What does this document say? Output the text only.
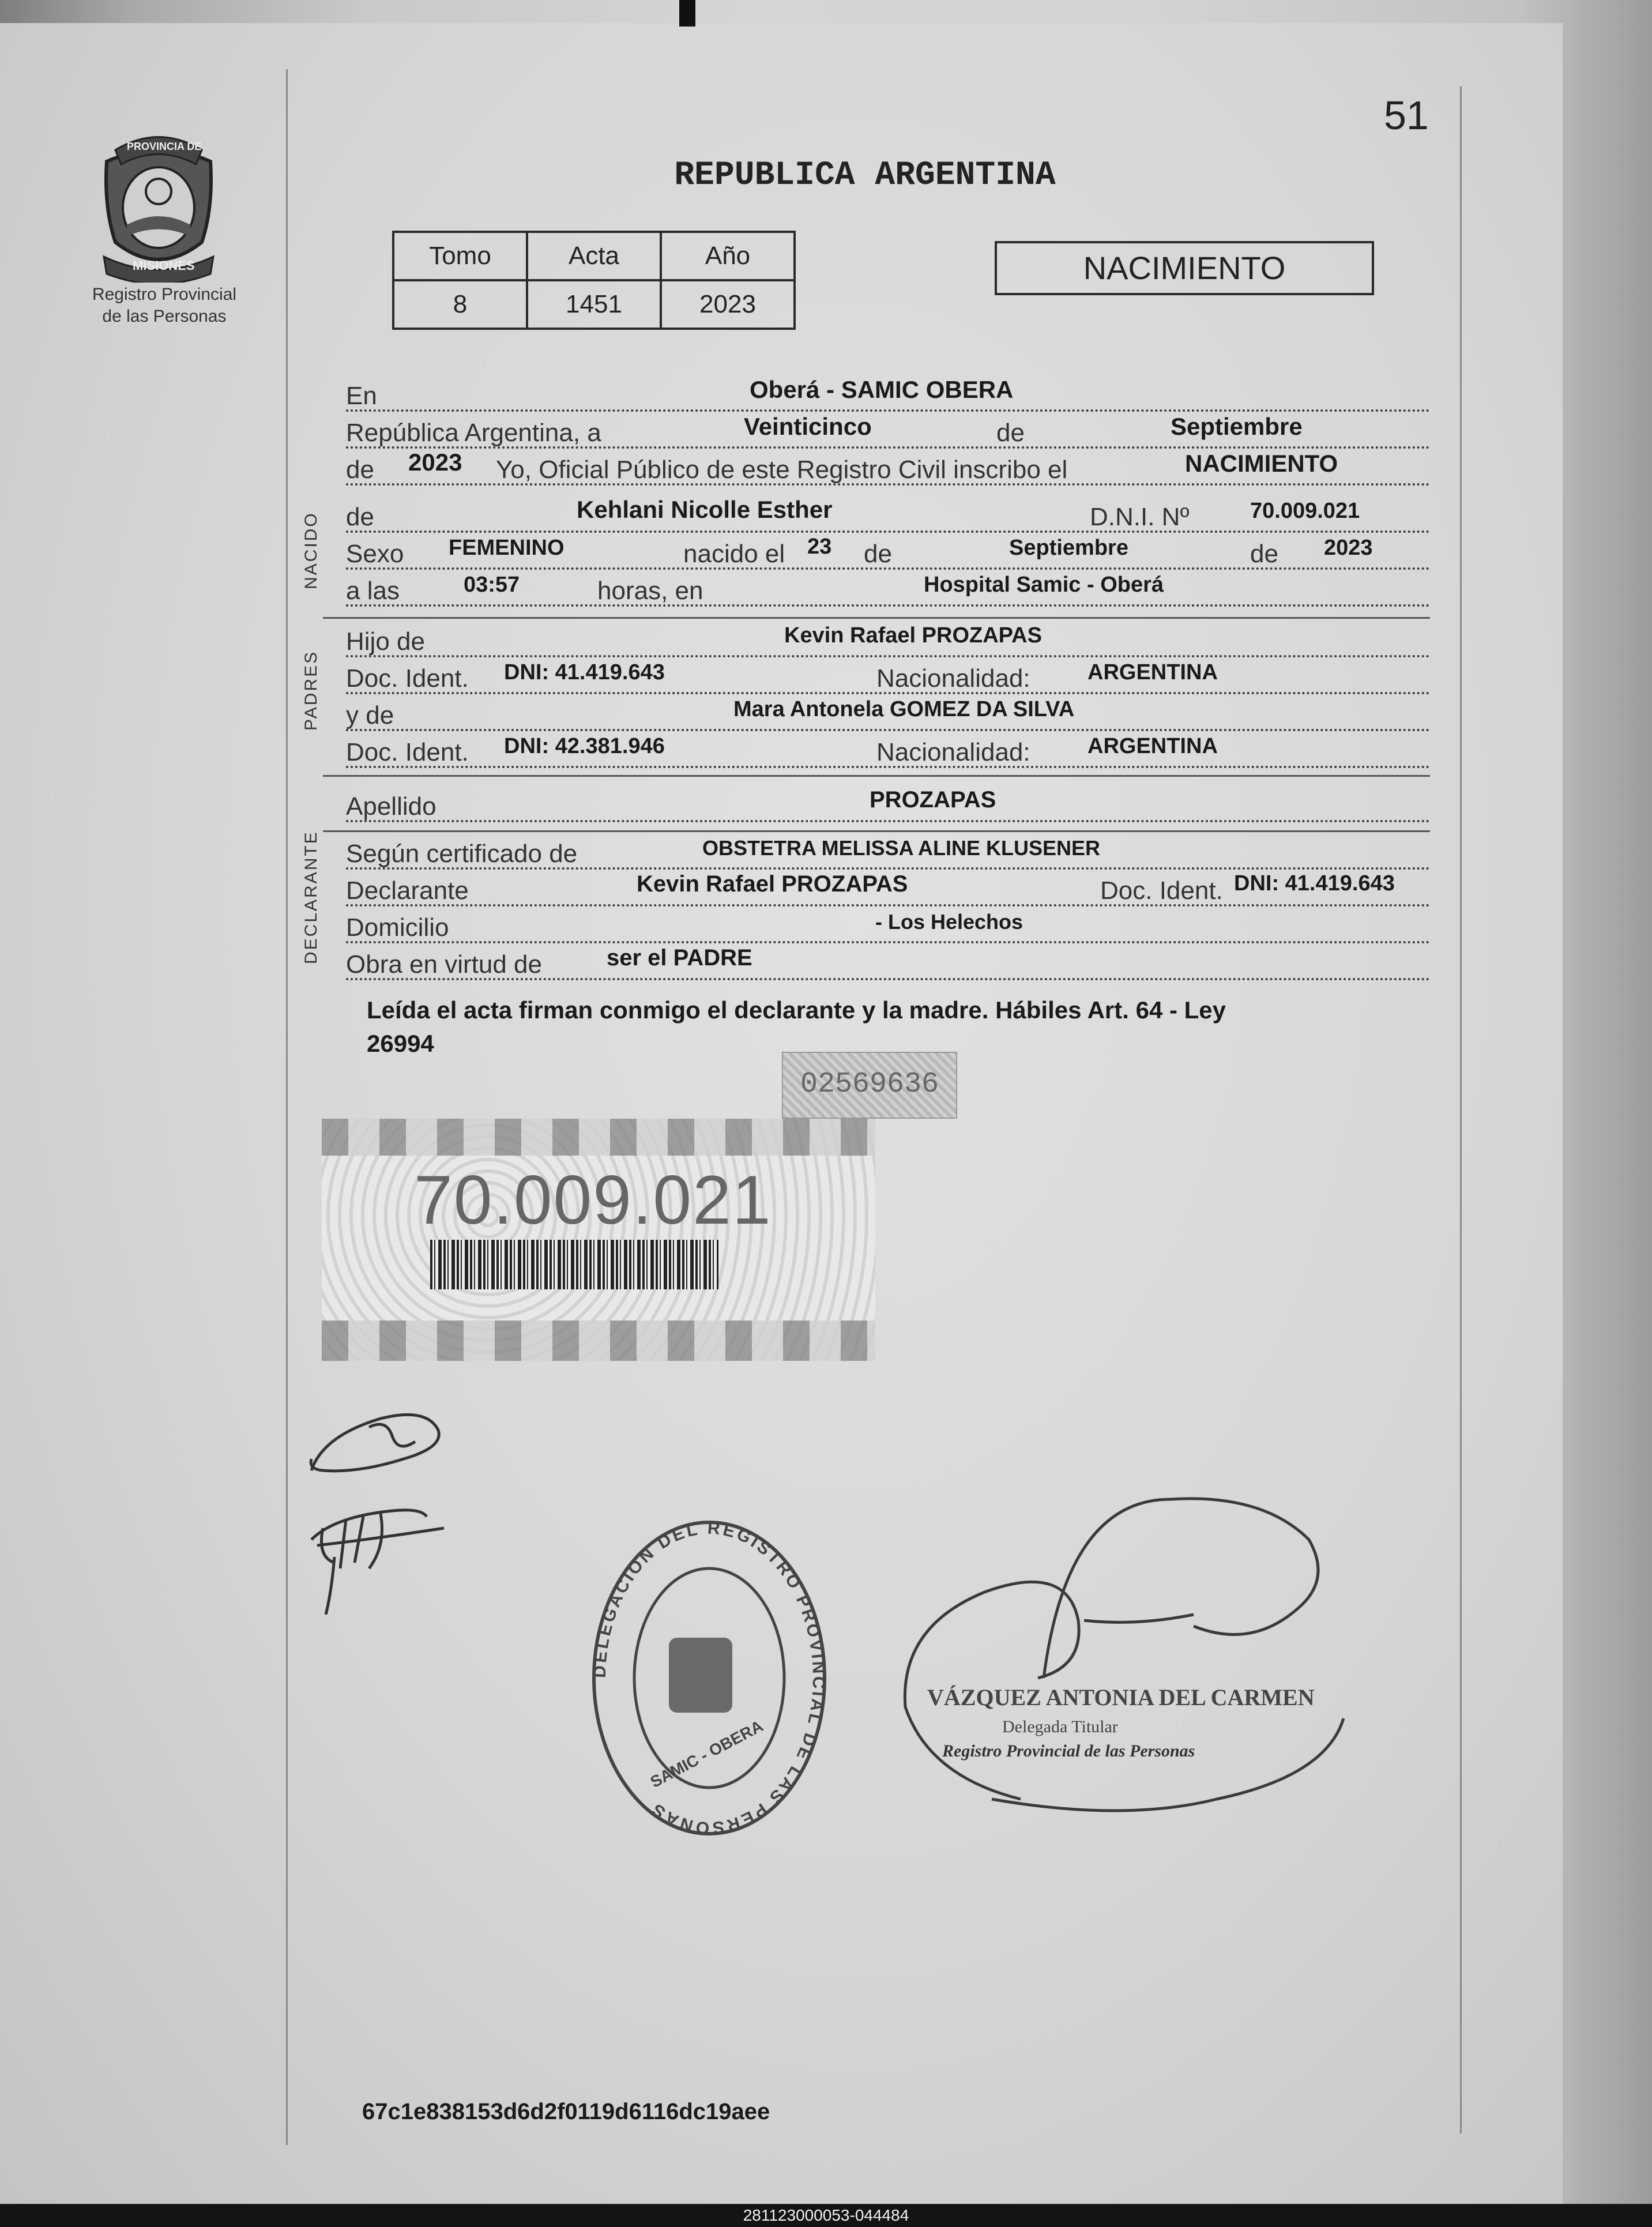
51
PROVINCIA DE
MISIONES
Registro Provincial
de las Personas
REPUBLICA ARGENTINA
Tomo	Acta	Año
8	1451	2023
NACIMIENTO
En	Oberá - SAMIC OBERA
República Argentina, a	Veinticinco	de	Septiembre
de 2023 Yo, Oficial Público de este Registro Civil inscribo el	NACIMIENTO
NACIDO de	Kehlani Nicolle Esther	D.N.I. Nº	70.009.021
Sexo FEMENINO	nacido el 23 de	Septiembre	de 2023
a las	03:57	horas, en	Hospital Samic - Oberá
PADRES
Hijo de	Kevin Rafael PROZAPAS
Doc. Ident. DNI: 41.419.643	Nacionalidad:	ARGENTINA
y de	Mara Antonela GOMEZ DA SILVA
Doc. Ident. DNI: 42.381.946	Nacionalidad:	ARGENTINA
Apellido	PROZAPAS
DECLARANTE Según certificado de	OBSTETRA MELISSA ALINE KLUSENER
Declarante	Kevin Rafael PROZAPAS	Doc. Ident. DNI: 41.419.643
Domicilio	- Los Helechos
Obra en virtud de	ser el PADRE
Leída el acta firman conmigo el declarante y la madre. Hábiles Art. 64 - Ley
26994
02569636
70.009.021
DELEGACION DEL REGISTRO PROVINCIAL DE LAS PERSONAS
SAMIC - OBERA
VÁZQUEZ ANTONIA DEL CARMEN
Delegada Titular
Registro Provincial de las Personas
67c1e838153d6d2f0119d6116dc19aee
281123000053-044484
